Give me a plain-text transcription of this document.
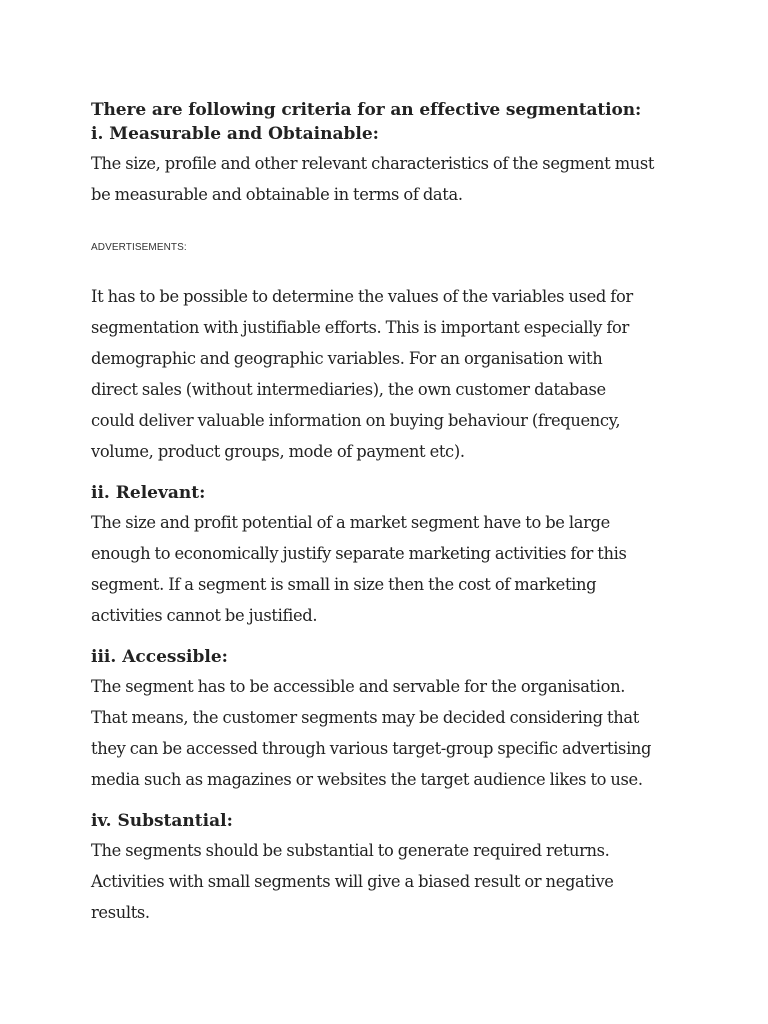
There are following criteria for an effective segmentation:
i. Measurable and Obtainable:

The size, profile and other relevant characteristics of the segment must
be measurable and obtainable in terms of data.

ADVERTISEMENTS:

It has to be possible to determine the values of the variables used for
segmentation with justifiable efforts. This is important especially for
demographic and geographic variables. For an organisation with
direct sales (without intermediaries), the own customer database
could deliver valuable information on buying behaviour (frequency,
volume, product groups, mode of payment etc).

ii. Relevant:

The size and profit potential of a market segment have to be large
enough to economically justify separate marketing activities for this
segment. If a segment is small in size then the cost of marketing
activities cannot be justified.

iii. Accessible:

The segment has to be accessible and servable for the organisation.
That means, the customer segments may be decided considering that
they can be accessed through various target-group specific advertising
media such as magazines or websites the target audience likes to use.

iv. Substantial:

The segments should be substantial to generate required returns.
Activities with small segments will give a biased result or negative
results.
